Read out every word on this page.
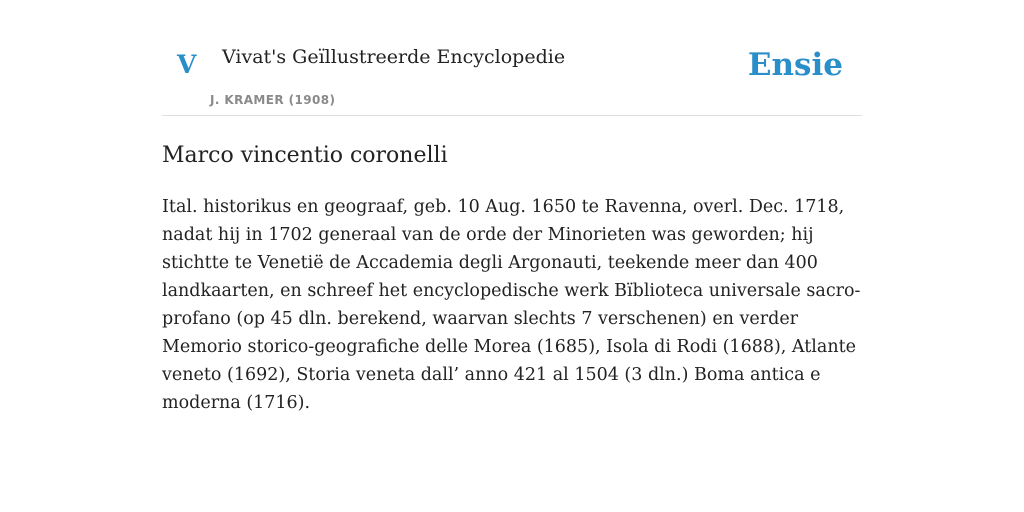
V Vivat's Geïllustreerde Encyclopedie
J. KRAMER (1908)
Ensie
Marco vincentio coronelli

Ital. historikus en geograaf, geb. 10 Aug. 1650 te Ravenna, overl. Dec. 1718, nadat hij in 1702 generaal van de orde der Minorieten was geworden; hij stichtte te Venetië de Accademia degli Argonauti, teekende meer dan 400 landkaarten, en schreef het encyclopedische werk Bïblioteca universale sacro-profano (op 45 dln. berekend, waarvan slechts 7 verschenen) en verder Memorio storico-geografiche delle Morea (1685), Isola di Rodi (1688), Atlante veneto (1692), Storia veneta dall’ anno 421 al 1504 (3 dln.) Boma antica e moderna (1716).
